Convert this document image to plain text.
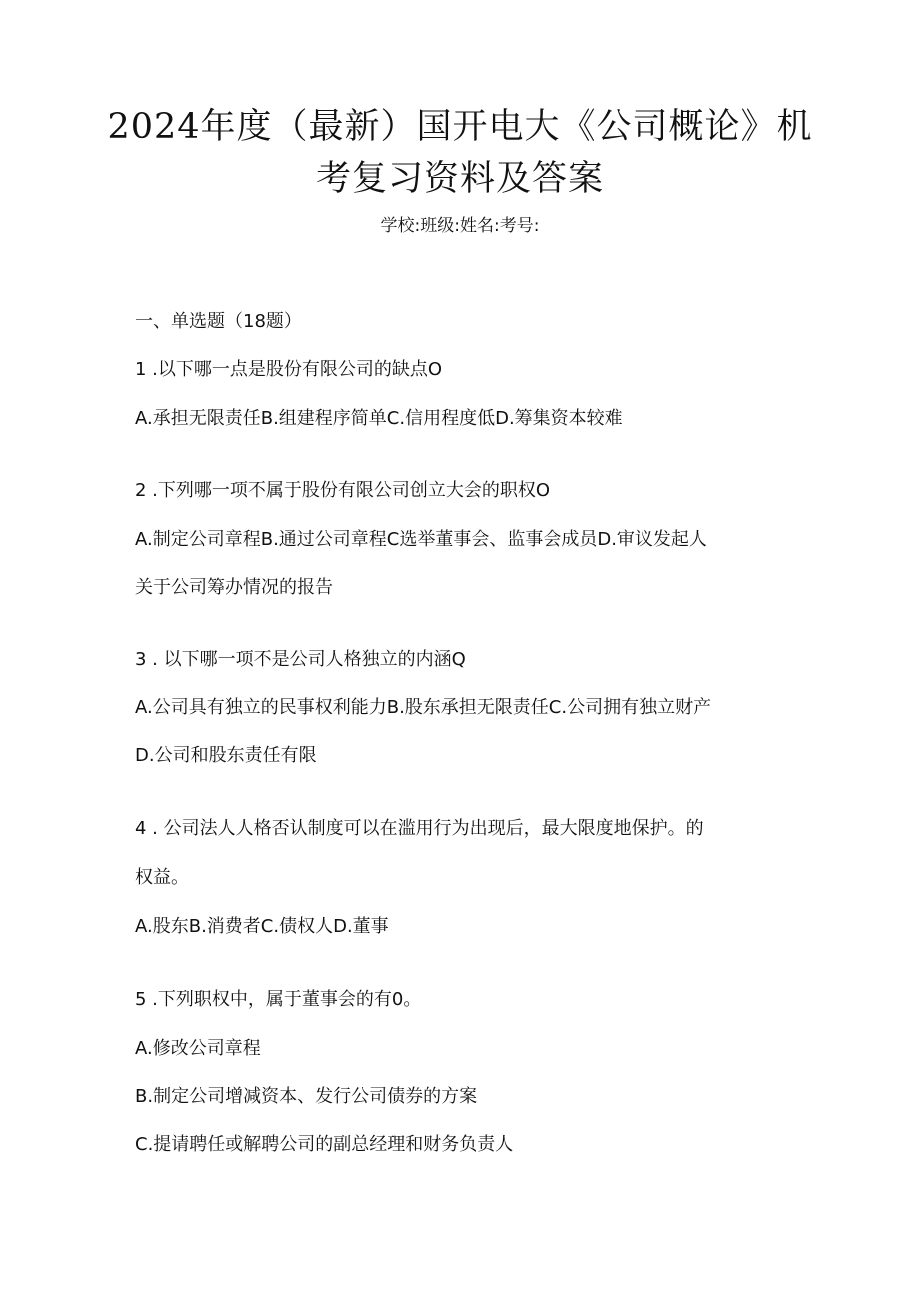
2024年度（最新）国开电大《公司概论》机
考复习资料及答案
学校:班级:姓名:考号:
一、单选题（18题）
1 .以下哪一点是股份有限公司的缺点O
A.承担无限责任B.组建程序简单C.信用程度低D.筹集资本较难
2 .下列哪一项不属于股份有限公司创立大会的职权O
A.制定公司章程B.通过公司章程C选举董事会、监事会成员D.审议发起人
关于公司筹办情况的报告
3 . 以下哪一项不是公司人格独立的内涵Q
A.公司具有独立的民事权利能力B.股东承担无限责任C.公司拥有独立财产
D.公司和股东责任有限
4 . 公司法人人格否认制度可以在滥用行为出现后，最大限度地保护。的
权益。
A.股东B.消费者C.债权人D.董事
5 .下列职权中，属于董事会的有0。
A.修改公司章程
B.制定公司增减资本、发行公司债券的方案
C.提请聘任或解聘公司的副总经理和财务负责人
